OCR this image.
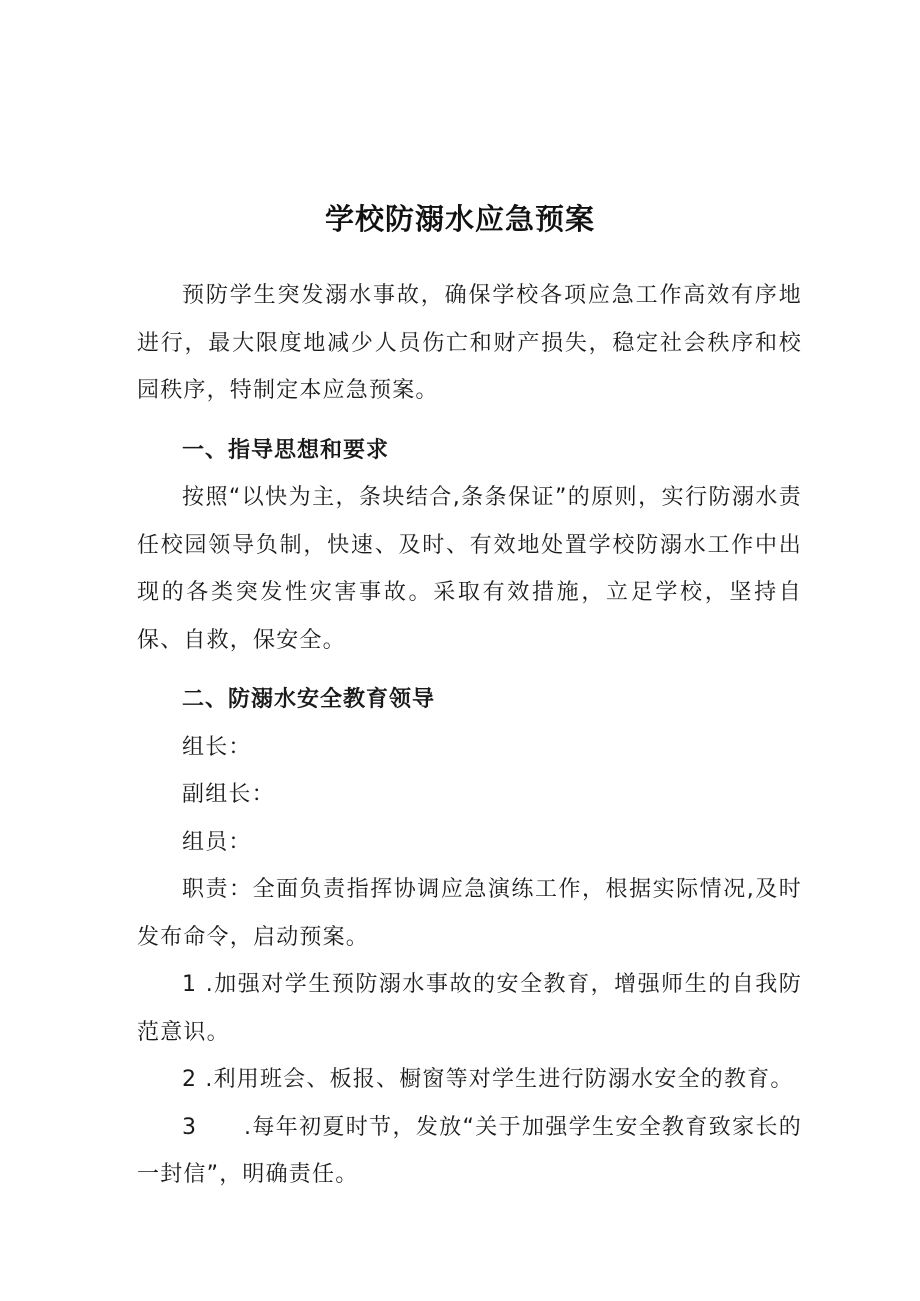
学校防溺水应急预案

预防学生突发溺水事故，确保学校各项应急工作高效有序地进行，最大限度地减少人员伤亡和财产损失，稳定社会秩序和校园秩序，特制定本应急预案。

一、指导思想和要求

按照“以快为主，条块结合,条条保证”的原则，实行防溺水责任校园领导负制，快速、及时、有效地处置学校防溺水工作中出现的各类突发性灾害事故。采取有效措施，立足学校，坚持自保、自救，保安全。

二、防溺水安全教育领导

组长：

副组长：

组员：

职责：全面负责指挥协调应急演练工作，根据实际情况,及时发布命令，启动预案。

1 .加强对学生预防溺水事故的安全教育，增强师生的自我防范意识。

2 .利用班会、板报、橱窗等对学生进行防溺水安全的教育。

3　　.每年初夏时节，发放“关于加强学生安全教育致家长的一封信”，明确责任。
